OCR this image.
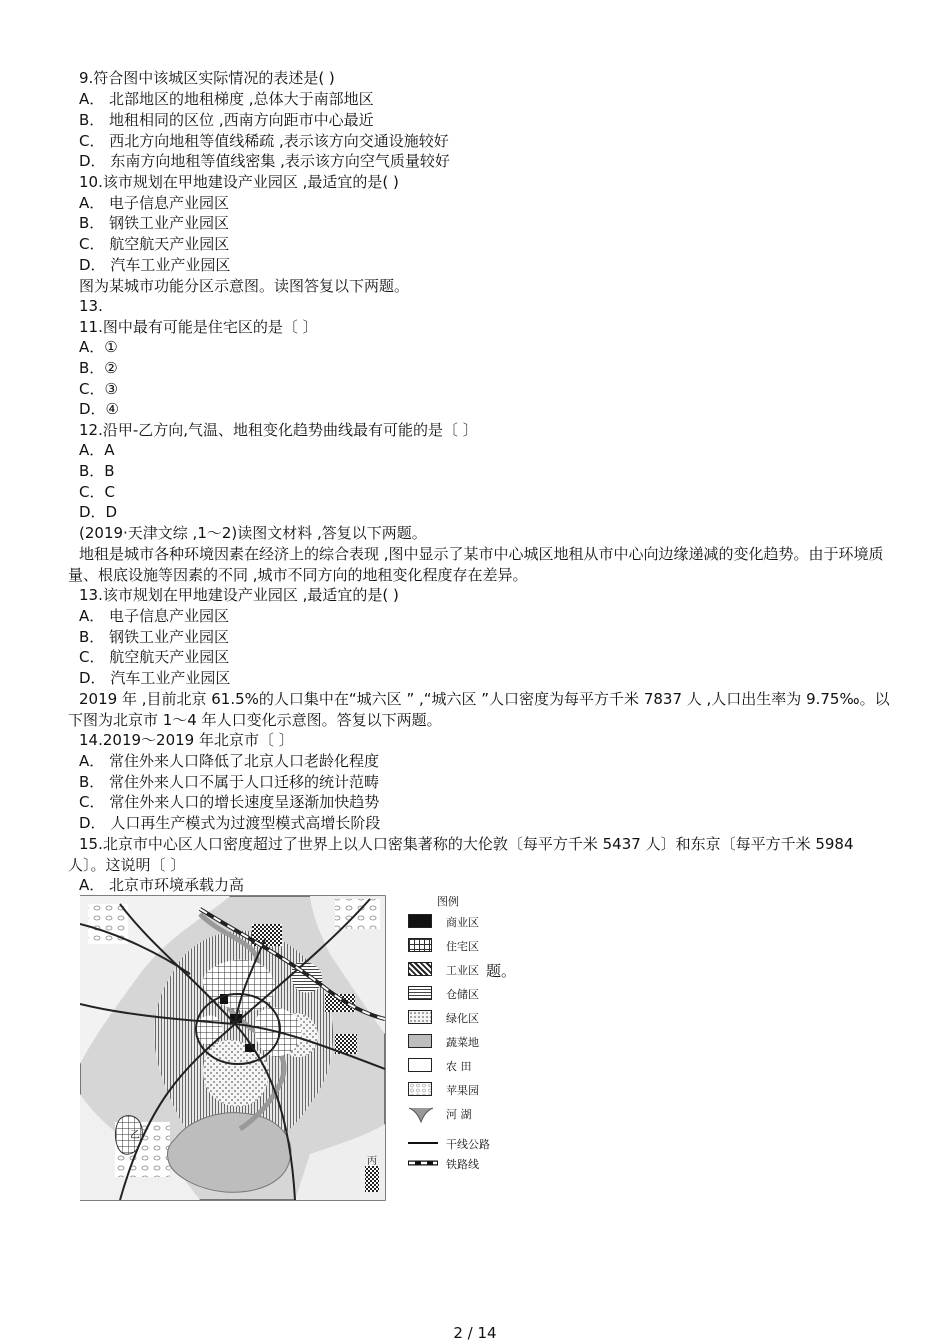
9.符合图中该城区实际情况的表述是( )
A． 北部地区的地租梯度 ,总体大于南部地区
B． 地租相同的区位 ,西南方向距市中心最近
C． 西北方向地租等值线稀疏 ,表示该方向交通设施较好
D． 东南方向地租等值线密集 ,表示该方向空气质量较好
10.该市规划在甲地建设产业园区 ,最适宜的是( )
A． 电子信息产业园区
B． 钢铁工业产业园区
C． 航空航天产业园区
D． 汽车工业产业园区
图为某城市功能分区示意图。读图答复以下两题。
13.
11.图中最有可能是住宅区的是〔 〕
A．①
B．②
C．③
D．④
12.沿甲-乙方向,气温、地租变化趋势曲线最有可能的是〔 〕
A．A
B．B
C．C
D．D
(2019·天津文综 ,1～2)读图文材料 ,答复以下两题。
地租是城市各种环境因素在经济上的综合表现 ,图中显示了某市中心城区地租从市中心向边缘递减的变化趋势。由于环境质量、根底设施等因素的不同 ,城市不同方向的地租变化程度存在差异。
13.该市规划在甲地建设产业园区 ,最适宜的是( )
A． 电子信息产业园区
B． 钢铁工业产业园区
C． 航空航天产业园区
D． 汽车工业产业园区
2019 年 ,目前北京 61.5%的人口集中在“城六区 ” ,“城六区 ”人口密度为每平方千米 7837 人 ,人口出生率为 9.75‰。以下图为北京市 1～4 年人口变化示意图。答复以下两题。
14.2019～2019 年北京市〔 〕
A． 常住外来人口降低了北京人口老龄化程度
B． 常住外来人口不属于人口迁移的统计范畴
C． 常住外来人口的增长速度呈逐渐加快趋势
D． 人口再生产模式为过渡型模式高增长阶段
15.北京市中心区人口密度超过了世界上以人口密集著称的大伦敦〔每平方千米 5437 人〕和东京〔每平方千米 5984 人〕。这说明〔 〕
A． 北京市环境承载力高
乙
丙
图例
商业区
住宅区
工业区
仓储区
绿化区
蔬菜地
农 田
苹果园
河 湖
干线公路
铁路线
题。
2 / 14
